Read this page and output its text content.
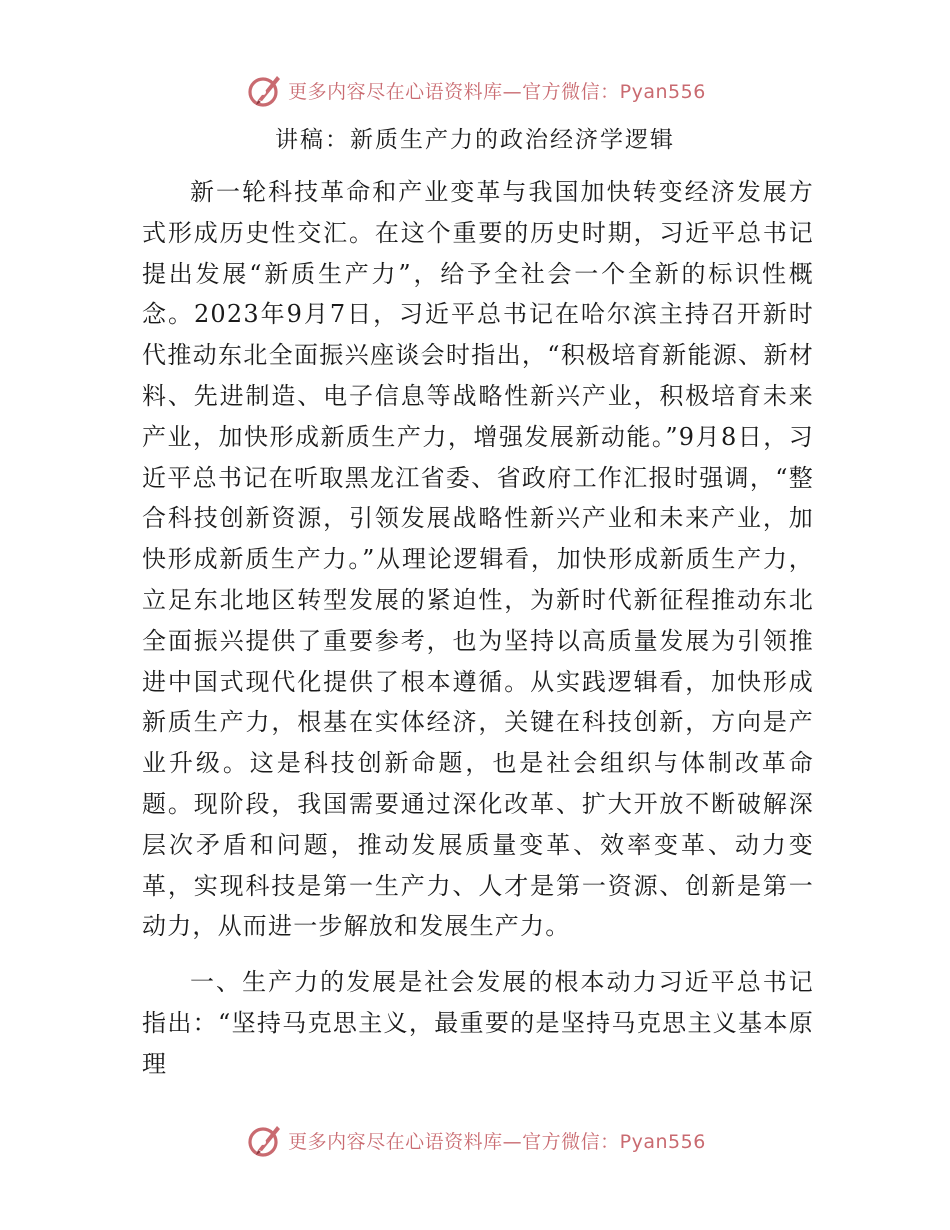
更多内容尽在心语资料库—官方微信：Pyan556
讲稿：新质生产力的政治经济学逻辑

新一轮科技革命和产业变革与我国加快转变经济发展方式形成历史性交汇。在这个重要的历史时期，习近平总书记提出发展“新质生产力”，给予全社会一个全新的标识性概念。2023年9月7日，习近平总书记在哈尔滨主持召开新时代推动东北全面振兴座谈会时指出，“积极培育新能源、新材料、先进制造、电子信息等战略性新兴产业，积极培育未来产业，加快形成新质生产力，增强发展新动能。”9月8日，习近平总书记在听取黑龙江省委、省政府工作汇报时强调，“整合科技创新资源，引领发展战略性新兴产业和未来产业，加快形成新质生产力。”从理论逻辑看，加快形成新质生产力，立足东北地区转型发展的紧迫性，为新时代新征程推动东北全面振兴提供了重要参考，也为坚持以高质量发展为引领推进中国式现代化提供了根本遵循。从实践逻辑看，加快形成新质生产力，根基在实体经济，关键在科技创新，方向是产业升级。这是科技创新命题，也是社会组织与体制改革命题。现阶段，我国需要通过深化改革、扩大开放不断破解深层次矛盾和问题，推动发展质量变革、效率变革、动力变革，实现科技是第一生产力、人才是第一资源、创新是第一动力，从而进一步解放和发展生产力。

一、生产力的发展是社会发展的根本动力习近平总书记指出：“坚持马克思主义，最重要的是坚持马克思主义基本原理

更多内容尽在心语资料库—官方微信：Pyan556
